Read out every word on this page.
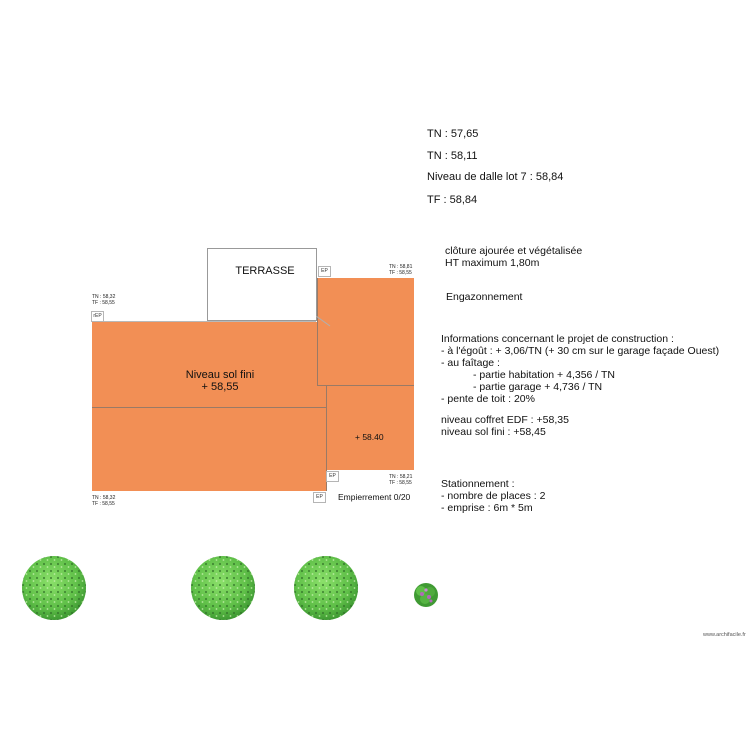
TN : 57,65
TN : 58,11
Niveau de dalle lot 7 : 58,84
TF : 58,84
clôture ajourée et végétalisée
HT maximum 1,80m
Engazonnement
Informations concernant le projet de construction :
- à l'égoût : + 3,06/TN (+ 30 cm sur le garage façade Ouest)
- au faîtage :
- partie habitation + 4,356 / TN
- partie garage + 4,736 / TN
- pente de toit : 20%
niveau coffret EDF : +58,35
niveau sol fini : +58,45
Stationnement :
- nombre de places : 2
- emprise : 6m * 5m
TERRASSE
Niveau sol fini
+ 58,55
+ 58.40
Empierrement 0/20
EP
rEP
EP
EP
TN : 58,32
TF : 58,55
TN : 58,81
TF : 58,55
TN : 58,21
TF : 58,55
TN : 58,32
TF : 58,55
www.archifacile.fr
